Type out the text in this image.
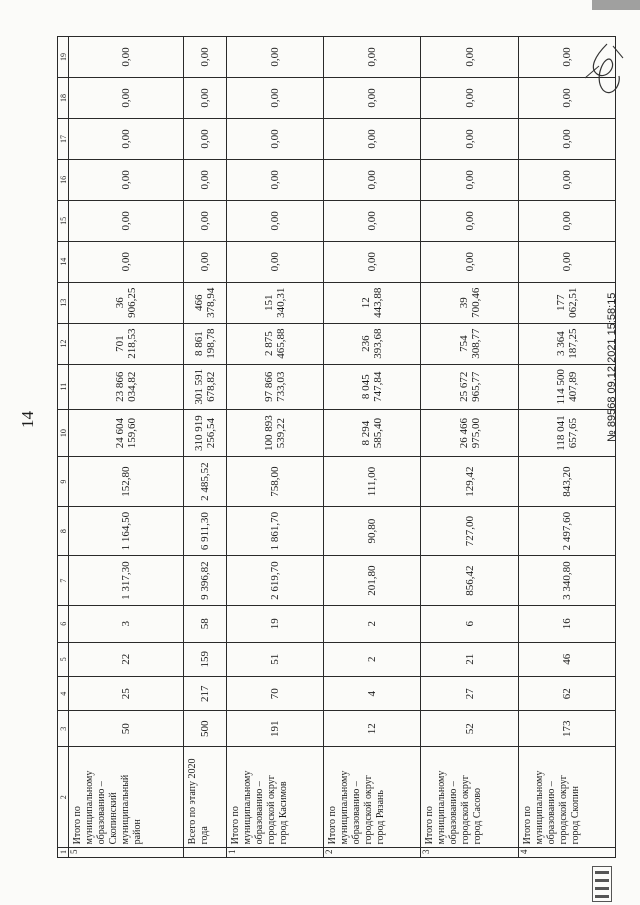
14
1	2	3	4	5	6	7	8	9	10	11	12	13	14	15	16	17	18	19
5	Итого по муниципальному образованию – Скопинский муниципальный район	50	25	22	3	1 317,30	1 164,50	152,80	24 604 159,60	23 866 034,82	701 218,53	36 906,25	0,00	0,00	0,00	0,00	0,00	0,00
	Всего по этапу 2020 года	500	217	159	58	9 396,82	6 911,30	2 485,52	310 919 256,54	301 591 678,82	8 861 198,78	466 378,94	0,00	0,00	0,00	0,00	0,00	0,00
1	Итого по муниципальному образованию – городской округ город Касимов	191	70	51	19	2 619,70	1 861,70	758,00	100 893 539,22	97 866 733,03	2 875 465,88	151 340,31	0,00	0,00	0,00	0,00	0,00	0,00
2	Итого по муниципальному образованию – городской округ город Рязань	12	4	2	2	201,80	90,80	111,00	8 294 585,40	8 045 747,84	236 393,68	12 443,88	0,00	0,00	0,00	0,00	0,00	0,00
3	Итого по муниципальному образованию – городской округ город Сасово	52	27	21	6	856,42	727,00	129,42	26 466 975,00	25 672 965,77	754 308,77	39 700,46	0,00	0,00	0,00	0,00	0,00	0,00
4	Итого по муниципальному образованию – городской округ город Скопин	173	62	46	16	3 340,80	2 497,60	843,20	118 041 657,65	114 500 407,89	3 364 187,25	177 062,51	0,00	0,00	0,00	0,00	0,00	0,00
№ 89568 09.12.2021 15:58:15
